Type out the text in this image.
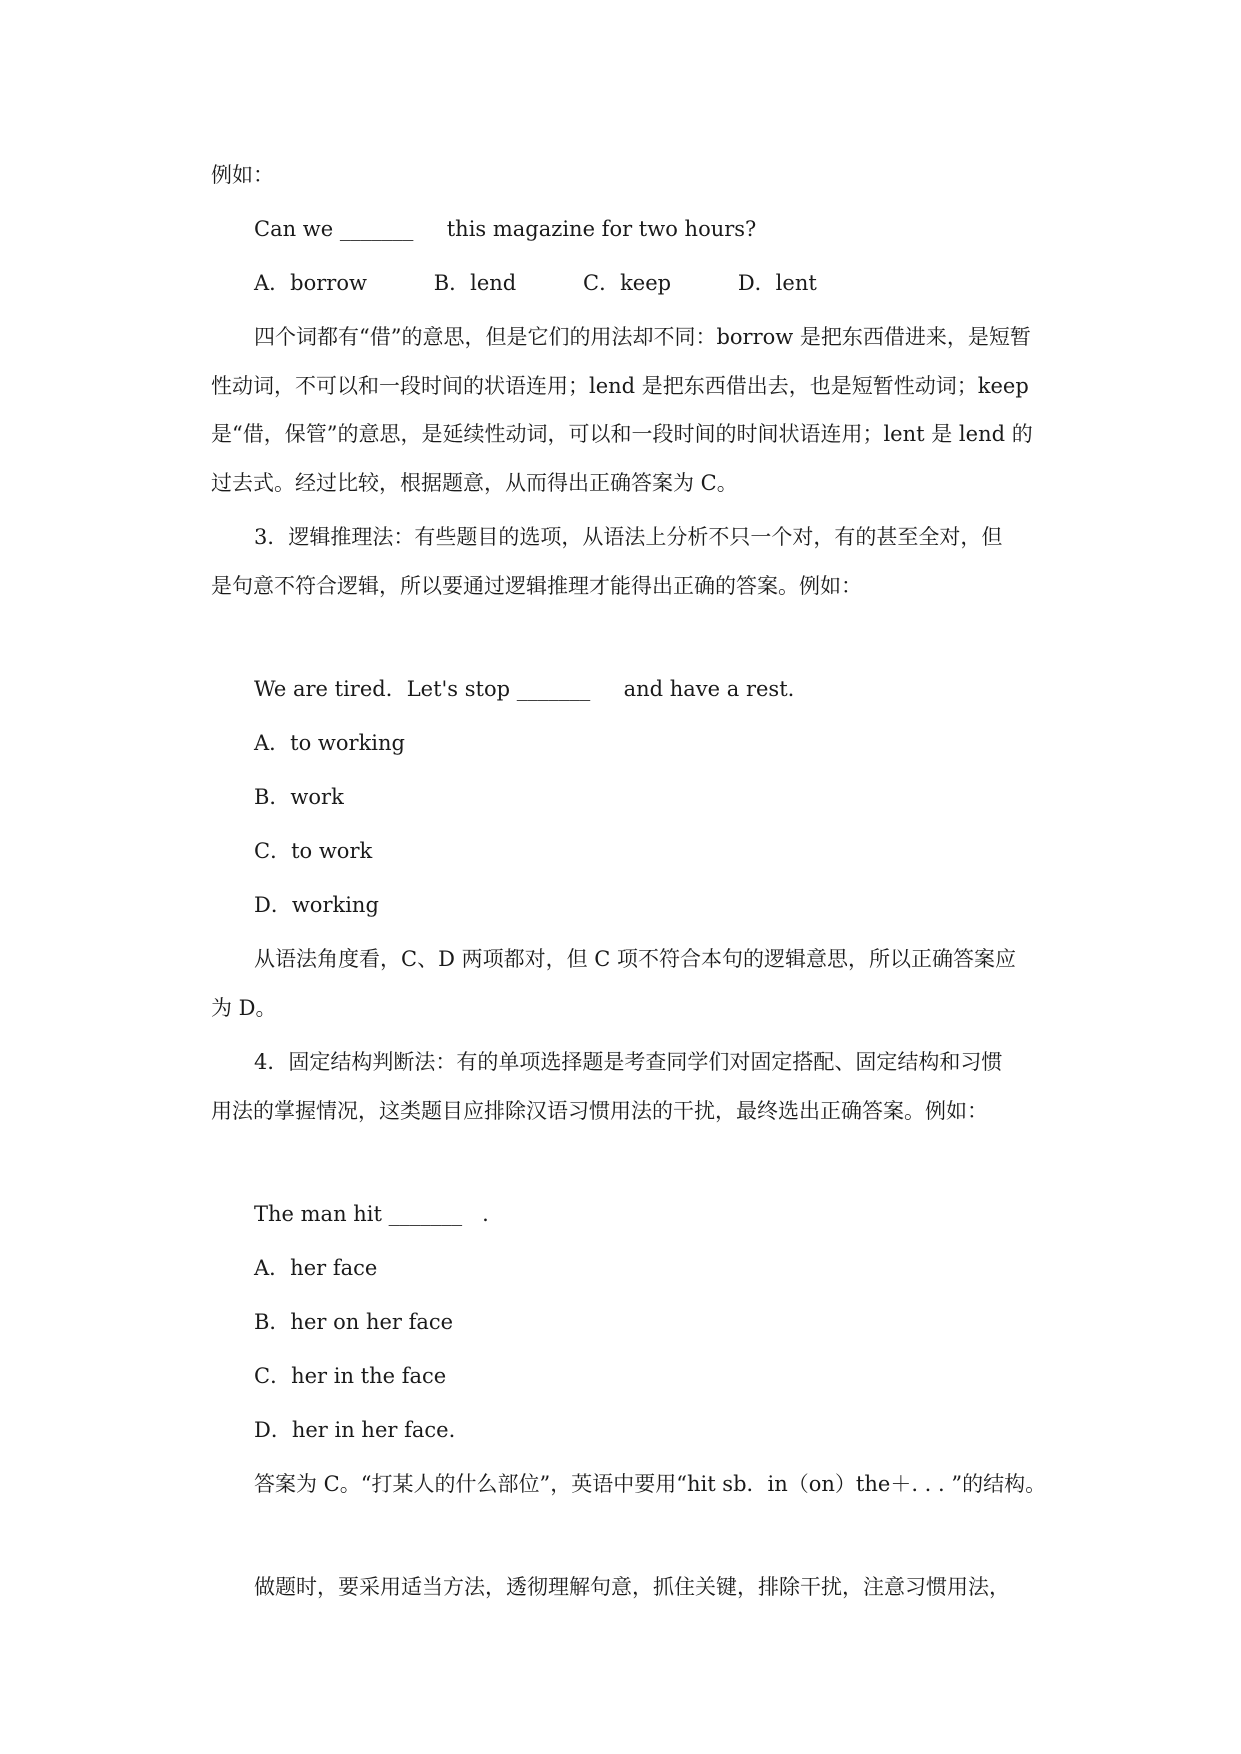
例如：
Can we _______     this magazine for two hours?
A．borrow          B．lend          C．keep          D．lent
四个词都有“借”的意思，但是它们的用法却不同：borrow 是把东西借进来，是短暂
性动词，不可以和一段时间的状语连用；lend 是把东西借出去，也是短暂性动词；keep
是“借，保管”的意思，是延续性动词，可以和一段时间的时间状语连用；lent 是 lend 的
过去式。经过比较，根据题意，从而得出正确答案为 C。
3．逻辑推理法：有些题目的选项，从语法上分析不只一个对，有的甚至全对，但
是句意不符合逻辑，所以要通过逻辑推理才能得出正确的答案。例如：
We are tired．Let's stop _______     and have a rest.
A．to working
B．work
C．to work
D．working
从语法角度看，C、D 两项都对，但 C 项不符合本句的逻辑意思，所以正确答案应
为 D。
4．固定结构判断法：有的单项选择题是考查同学们对固定搭配、固定结构和习惯
用法的掌握情况，这类题目应排除汉语习惯用法的干扰，最终选出正确答案。例如：
The man hit _______   .
A．her face
B．her on her face
C．her in the face
D．her in her face.
答案为 C。“打某人的什么部位”，英语中要用“hit sb．in（on）the＋. . . ”的结构。
做题时，要采用适当方法，透彻理解句意，抓住关键，排除干扰，注意习惯用法，
